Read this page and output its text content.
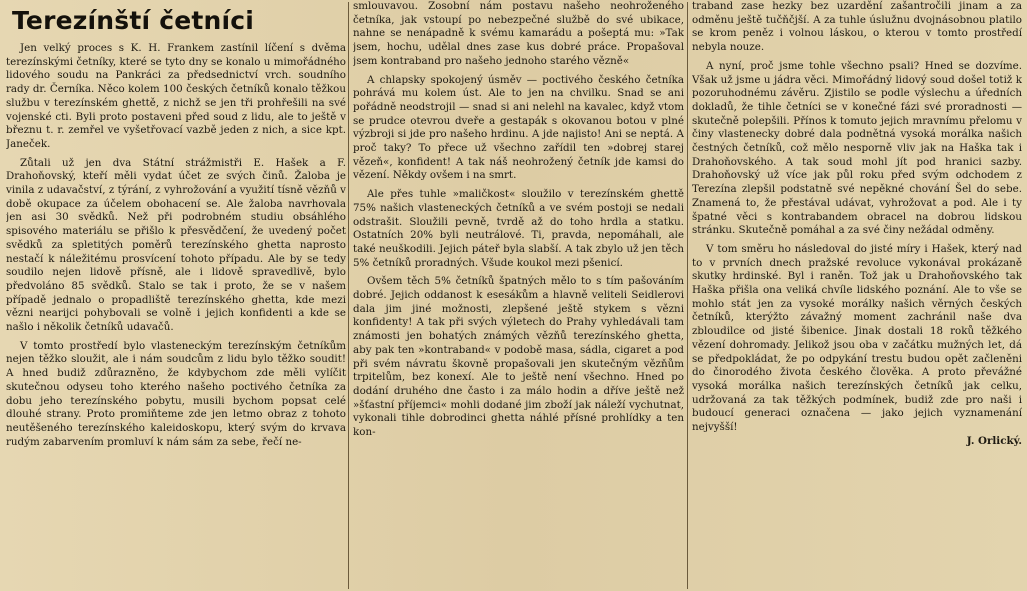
Terezínští četníci

Jen velký proces s K. H. Frankem zastínil líčení s dvěma terezínskými četníky, které se tyto dny se konalo u mimořádného lidového soudu na Pankráci za předsednictví vrch. soudního rady dr. Černíka. Něco kolem 100 českých četníků konalo těžkou službu v terezínském ghettě, z nichž se jen tři prohřešili na své vojenské cti. Byli proto postaveni před soud z lidu, ale to ještě v březnu t. r. zemřel ve vyšetřovací vazbě jeden z nich, a sice kpt. Janeček.

Zůtali už jen dva Státní strážmistři E. Hašek a F. Drahoňovský, kteří měli vydat účet ze svých činů. Žaloba je vinila z udavačství, z týrání, z vyhrožování a využití tísně vězňů v době okupace za účelem obohacení se. Ale žaloba navrhovala jen asi 30 svědků. Než při podrobném studiu obsáhlého spisového materiálu se přišlo k přesvědčení, že uvedený počet svědků za spletitých poměrů terezínského ghetta naprosto nestačí k náležitému prosvícení tohoto případu. Ale by se tedy soudilo nejen lidově přísně, ale i lidově spravedlivě, bylo předvoláno 85 svědků. Stalo se tak i proto, že se v našem případě jednalo o propadliště terezínského ghetta, kde mezi vězni nearijci pohybovali se volně i jejich konfidenti a kde se našlo i několik četníků udavačů.

V tomto prostředí bylo vlasteneckým terezínským četníkům nejen těžko sloužit, ale i nám soudcům z lidu bylo těžko soudit! A hned budiž zdůrazněno, že kdybychom zde měli vylíčit skutečnou odyseu toho kterého našeho poctivého četníka za dobu jeho terezínského pobytu, musili bychom popsat celé dlouhé strany. Proto promiňteme zde jen letmo obraz z tohoto neutěšeného terezínského kaleidoskopu, který svým do krvava rudým zabarvením promluví k nám sám za sebe, řečí ne-

smlouvavou. Zosobní nám postavu našeho neohroženého četníka, jak vstoupí po nebezpečné službě do své ubikace, nahne se nenápadně k svému kamarádu a pošeptá mu: »Tak jsem, hochu, udělal dnes zase kus dobré práce. Propašoval jsem kontraband pro našeho jednoho starého vězně«

A chlapsky spokojený úsměv — poctivého českého četníka pohrává mu kolem úst. Ale to jen na chvilku. Snad se ani pořádně neodstrojil — snad si ani nelehl na kavalec, když vtom se prudce otevrou dveře a gestapák s okovanou botou v plné výzbroji si jde pro našeho hrdinu. A jde najisto! Ani se neptá. A proč taky? To přece už všechno zařídil ten »dobrej starej vězeň«, konfident! A tak náš neohrožený četník jde kamsi do vězení. Někdy ovšem i na smrt.

Ale přes tuhle »maličkost« sloužilo v terezínském ghettě 75% našich vlasteneckých četníků a ve svém postoji se nedali odstrašit. Sloužili pevně, tvrdě až do toho hrdla a statku. Ostatních 20% byli neutrálové. Ti, pravda, nepomáhali, ale také neuškodili. Jejich páteř byla slabší. A tak zbylo už jen těch 5% četníků proradných. Všude koukol mezi pšenicí.

Ovšem těch 5% četníků špatných mělo to s tím pašováním dobré. Jejich oddanost k esesákům a hlavně veliteli Seidlerovi dala jim jiné možnosti, zlepšené ještě stykem s vězni konfidenty! A tak při svých výletech do Prahy vyhledávali tam známosti jen bohatých známých vězňů terezínského ghetta, aby pak ten »kontraband« v podobě masa, sádla, cigaret a pod při svém návratu škovně propašovali jen skutečným vězňům trpitelům, bez konexí. Ale to ještě není všechno. Hned po dodání druhého dne často i za málo hodin a dříve ještě než »šťastní příjemci« mohli dodané jim zboží jak náleží vychutnat, vykonali tihle dobrodinci ghetta náhlé přísné prohlídky a ten kon-

traband zase hezky bez uzardění zašantročili jinam a za odměnu ještě tučňčjší. A za tuhle úslužnu dvojnásobnou platilo se krom peněz i volnou láskou, o kterou v tomto prostředí nebyla nouze.

A nyní, proč jsme tohle všechno psali? Hned se dozvíme. Však už jsme u jádra věci. Mimořádný lidový soud došel totiž k pozoruhodnému závěru. Zjistilo se podle výslechu a úředních dokladů, že tihle četníci se v konečné fázi své proradnosti — skutečně polepšili. Přínos k tomuto jejich mravnímu přelomu v činy vlastenecky dobré dala podnětná vysoká morálka našich čestných četníků, což mělo nesporně vliv jak na Haška tak i Drahoňovského. A tak soud mohl jít pod hranici sazby. Drahoňovský už více jak půl roku před svým odchodem z Terezína zlepšil podstatně své nepěkné chování Šel do sebe. Znamená to, že přestával udávat, vyhrožovat a pod. Ale i ty špatné věci s kontrabandem obracel na dobrou lidskou stránku. Skutečně pomáhal a za své činy nežádal odměny.

V tom směru ho následoval do jisté míry i Hašek, který nad to v prvních dnech pražské revoluce vykonával prokázaně skutky hrdinské. Byl i raněn. Tož jak u Drahoňovského tak Haška přišla ona veliká chvíle lidského poznání. Ale to vše se mohlo stát jen za vysoké morálky našich věrných českých četníků, kterýžto závažný moment zachránil naše dva zbloudilce od jisté šibenice. Jinak dostali 18 roků těžkého vězení dohromady. Jelikož jsou oba v začátku mužných let, dá se předpokládat, že po odpykání trestu budou opět začleněni do činorodého života českého člověka. A proto převážné vysoká morálka našich terezínských četníků jak celku, udržovaná za tak těžkých podmínek, budiž zde pro naši i budoucí generaci označena — jako jejich vyznamenání nejvyšší!

J. Orlický.
